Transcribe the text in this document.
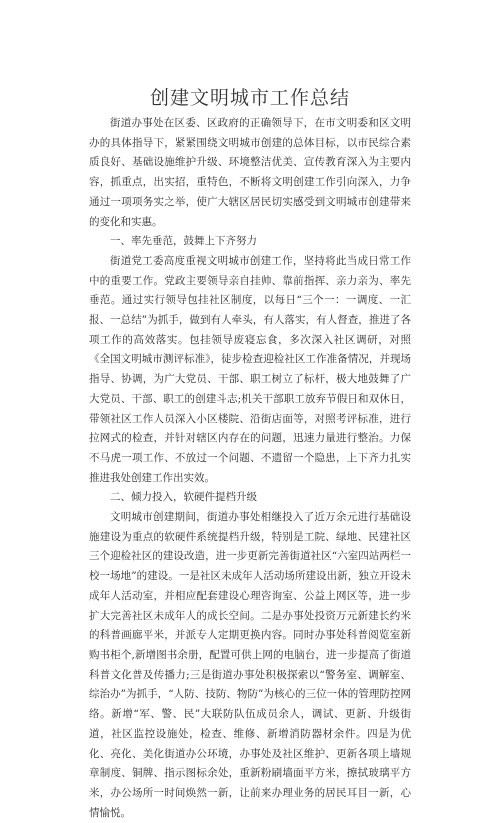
创建文明城市工作总结

街道办事处在区委、区政府的正确领导下，在市文明委和区文明办的具体指导下，紧紧围绕文明城市创建的总体目标，以市民综合素质良好、基础设施维护升级、环境整洁优美、宣传教育深入为主要内容，抓重点，出实招，重特色，不断将文明创建工作引向深入，力争通过一项项务实之举，使广大辖区居民切实感受到文明城市创建带来的变化和实惠。

一、率先垂范，鼓舞上下齐努力

街道党工委高度重视文明城市创建工作，坚持将此当成日常工作中的重要工作。党政主要领导亲自挂帅、靠前指挥、亲力亲为、率先垂范。通过实行领导包挂社区制度，以每日“三个一：一调度、一汇报、一总结”为抓手，做到有人牵头，有人落实，有人督查，推进了各项工作的高效落实。包挂领导废寝忘食，多次深入社区调研，对照《全国文明城市测评标准》，徒步检查迎检社区工作准备情况，并现场指导、协调，为广大党员、干部、职工树立了标杆，极大地鼓舞了广大党员、干部、职工的创建斗志;机关干部职工放弃节假日和双休日，带领社区工作人员深入小区楼院、沿街店面等，对照考评标准，进行拉网式的检查，并针对辖区内存在的问题，迅速力量进行整治。力保不马虎一项工作、不放过一个问题、不遗留一个隐患，上下齐力扎实推进我处创建工作出实效。

二、倾力投入，软硬件提档升级

文明城市创建期间，街道办事处相继投入了近万余元进行基础设施建设为重点的软硬件系统提档升级，特别是工院、绿地、民建社区三个迎检社区的建设改造，进一步更新完善街道社区“六室四站两栏一校一场地”的建设。一是社区未成年人活动场所建设出新，独立开设未成年人活动室，并相应配套建设心理咨询室、公益上网区等，进一步扩大完善社区未成年人的成长空间。二是办事处投资万元新建长约米的科普画廊平米，并派专人定期更换内容。同时办事处科普阅览室新购书柜个,新增图书余册，配置可供上网的电脑台，进一步提高了街道科普文化普及传播力;三是街道办事处积极探索以“警务室、调解室、综治办”为抓手，“人防、技防、物防”为核心的三位一体的管理防控网络。新增“军、警、民”大联防队伍成员余人，调试、更新、升级街道，社区监控设施处，检查、维修、新增消防器材余件。四是为优化、亮化、美化街道办公环境，办事处及社区维护、更新各项上墙规章制度、铜牌、指示图标余处，重新粉刷墙面平方米，擦拭玻璃平方米，办公场所一时间焕然一新，让前来办理业务的居民耳目一新，心情愉悦。
